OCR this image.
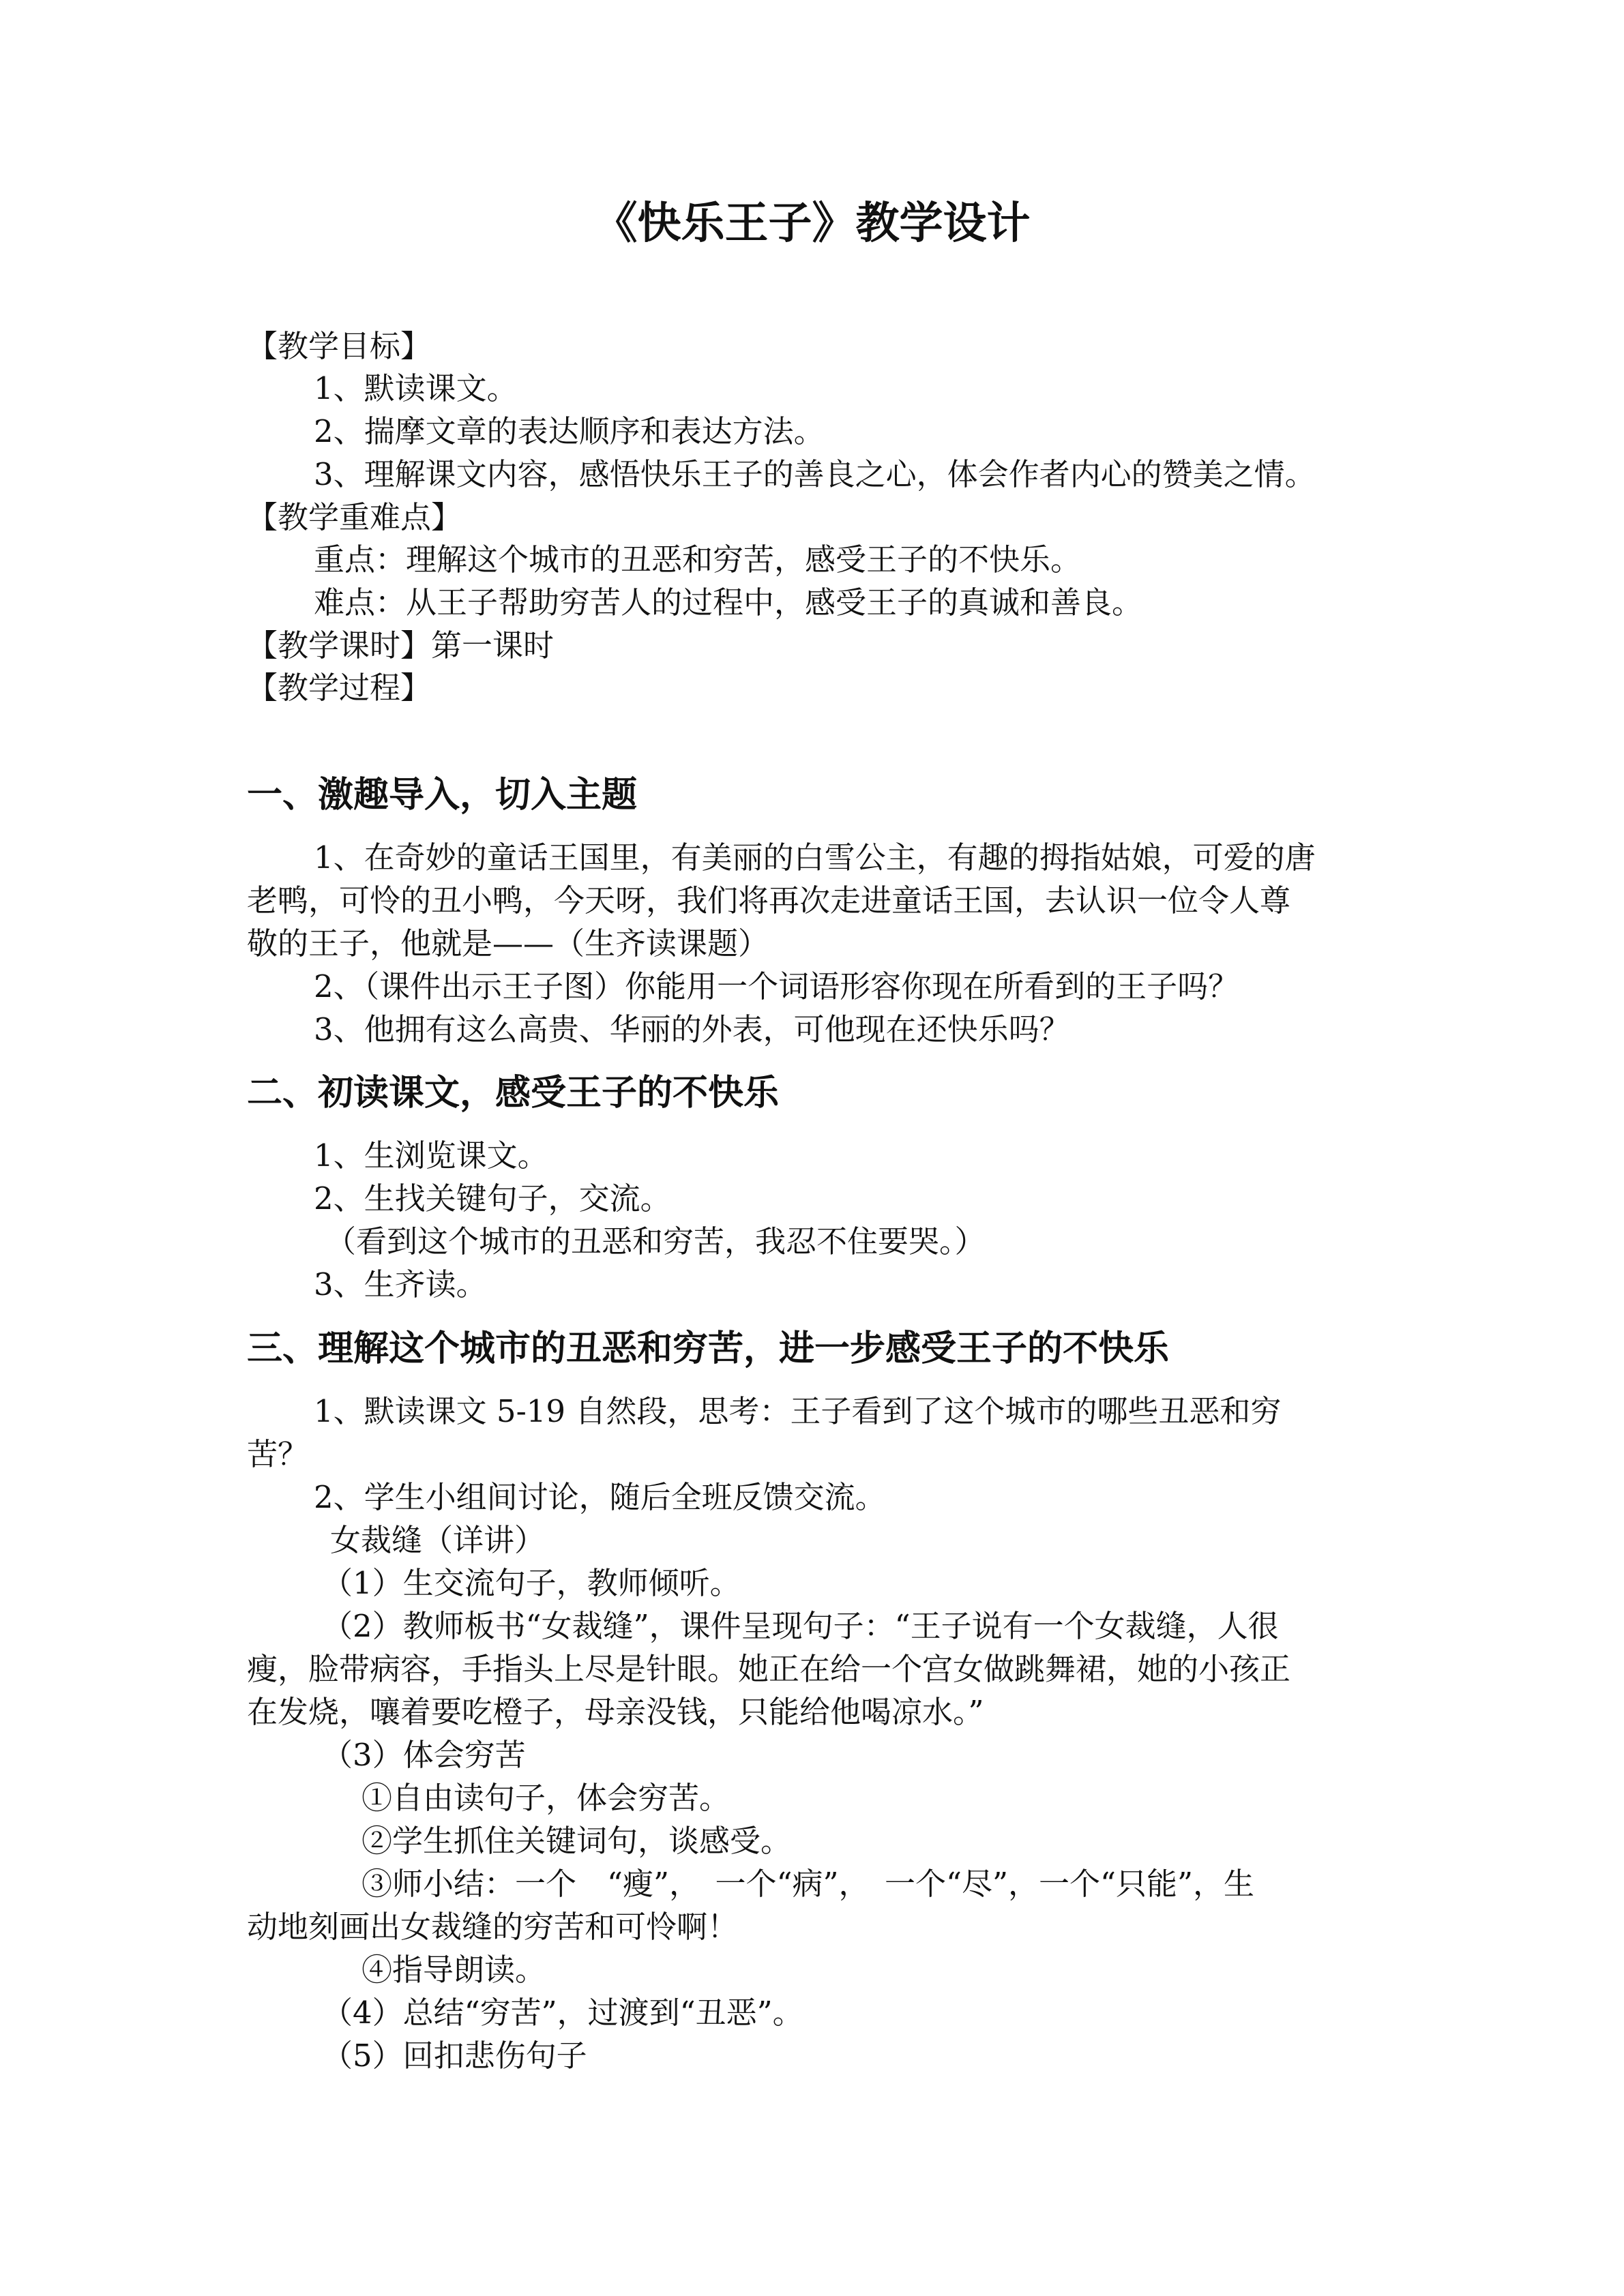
《快乐王子》教学设计
【教学目标】
1、默读课文。
2、揣摩文章的表达顺序和表达方法。
3、理解课文内容，感悟快乐王子的善良之心，体会作者内心的赞美之情。
【教学重难点】
重点：理解这个城市的丑恶和穷苦，感受王子的不快乐。
难点：从王子帮助穷苦人的过程中，感受王子的真诚和善良。
【教学课时】第一课时
【教学过程】
一、激趣导入，切入主题
1、在奇妙的童话王国里，有美丽的白雪公主，有趣的拇指姑娘，可爱的唐
老鸭，可怜的丑小鸭，今天呀，我们将再次走进童话王国，去认识一位令人尊
敬的王子，他就是——（生齐读课题）
2、（课件出示王子图）你能用一个词语形容你现在所看到的王子吗？
3、他拥有这么高贵、华丽的外表，可他现在还快乐吗？
二、初读课文，感受王子的不快乐
1、生浏览课文。
2、生找关键句子，交流。
（看到这个城市的丑恶和穷苦，我忍不住要哭。）
3、生齐读。
三、理解这个城市的丑恶和穷苦，进一步感受王子的不快乐
1、默读课文 5-19 自然段，思考：王子看到了这个城市的哪些丑恶和穷
苦？
2、学生小组间讨论，随后全班反馈交流。
女裁缝（详讲）
（1）生交流句子，教师倾听。
（2）教师板书“女裁缝”，课件呈现句子：“王子说有一个女裁缝，人很
瘦，脸带病容，手指头上尽是针眼。她正在给一个宫女做跳舞裙，她的小孩正
在发烧，嚷着要吃橙子，母亲没钱，只能给他喝凉水。”
（3）体会穷苦
①自由读句子，体会穷苦。
②学生抓住关键词句，谈感受。
③师小结：一个　“瘦”，　一个“病”，　一个“尽”，一个“只能”，生
动地刻画出女裁缝的穷苦和可怜啊！
④指导朗读。
（4）总结“穷苦”，过渡到“丑恶”。
（5）回扣悲伤句子
